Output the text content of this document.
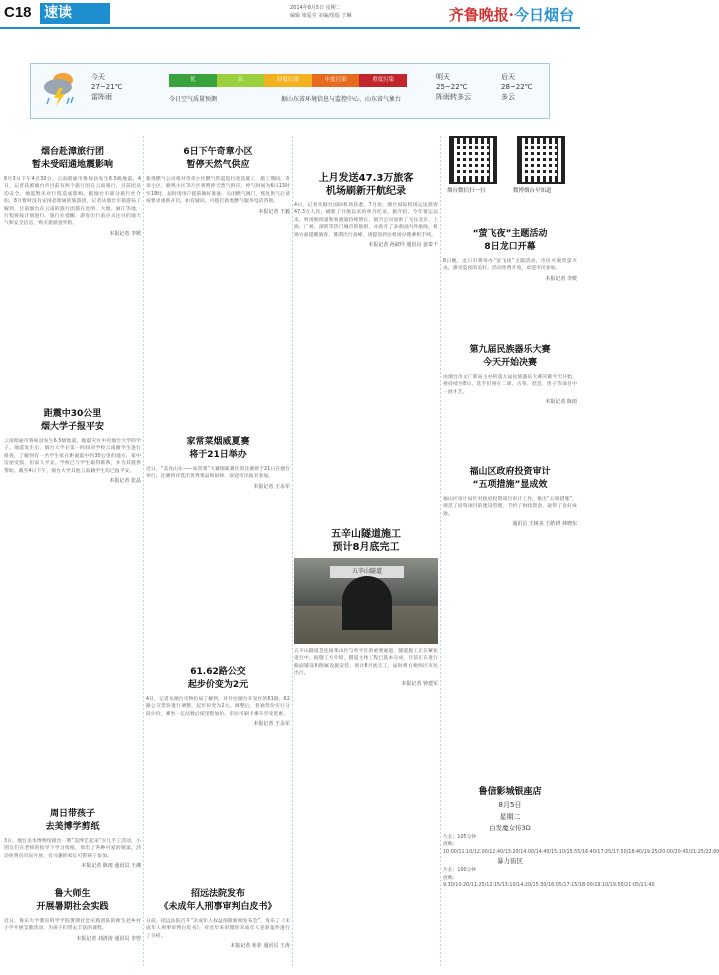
C18 速读	2014年8月5日 星期二
编辑 梁爱莹 美编/组版 于琳	齐鲁晚报·今日烟台
今天
27~21℃
雷阵雨
优	良	轻度污染	中度污染	重度污染
今日空气质量预测	据山东省环境信息与监控中心、山东省气象台
明天
25~22℃
阵雨转多云
后天
28~22℃
多云
烟台赴漳旅行团
暂未受昭通地震影响
8月3日下午4点30分，云南昭通市鲁甸县发生6.5级地震。4日，记者获悉烟台市目前有两个旅行团在云南旅行，目前团员均安全，地震暂未对行程造成影响。据烟台市部分旅行社介绍，8月暂时没有安排赴昭通的旅游团，记者从烟台市旅游局了解到，目前烟台在云南的旅行团都在昆明、大理、丽江等地，行程将按计划进行。旅行社提醒，游客出行前应关注目的地天气和安全信息，购买旅游意外险。
本报记者 李媛
距震中30公里
烟大学子报平安
云南昭通市鲁甸县发生6.5级地震，地震灾区中有烟台大学的学子。地震发生后，烟台大学在第一时间对学校云南籍学生进行排查，了解到有一名学生家在距离震中约30公里的地方，家中房屋受损，但家人平安。学校已与学生取得联系，并为其提供帮助。截至4日下午，烟台大学其他云南籍学生均已报平安。
本报记者 张晶
周日带孩子
去美博学剪纸
3日，烟台美术博物馆推出一期“美博艺起来”少儿手工活动，小朋友们在老师的指导下学习剪纸，剪出了各种可爱的图案。活动免费向市民开放，有兴趣的家长可带孩子参加。
本报记者 陈雨 通讯员 王湘
鲁大师生
开展暑期社会实践
近日，鲁东大学教育科学学院暑期社会实践团队的师生赴乡村小学开展支教活动，为孩子们带去丰富的课程。
本报记者 刘清涛 通讯员 李曾
6日下午奇章小区
暂停天然气供应
新奥燃气公司将对奇章小区燃气管道进行改造施工，施工期间，奇章小区、鹿鸣小区等片区将暂停天然气供应。停气时间为6日13时至18时。届时请用户提前做好准备，关闭燃气阀门，恢复供气后请按要求重新开启。如有疑问，可拨打新奥燃气服务电话咨询。
本报记者 王毅
家常菜烟威夏赛
将于21日举办
近日，“美食山东——家常菜”大赛烟威赛区的比赛将于21日在烟台举行。比赛将评选出优秀菜品和厨师，欢迎市民报名参加。
本报记者 王永军
61.62路公交
起步价变为2元
4日，记者从烟台市物价局了解到，对开往烟台开发区的61路、62路公交票价进行调整，起步价变为2元。调整后，普通票价实行分段计价，乘坐一定站数后按里程加价。市民可刷卡乘车享受优惠。
本报记者 王永军
招远法院发布
《未成年人刑事审判白皮书》
日前，招远法院召开“未成年人权益保障新闻发布会”，发布了《未成年人刑事审判白皮书》，对近年来审理的未成年人犯罪案件进行了分析。
本报记者 苑菲 通讯员 王涛
上月发送47.3万旅客
机场刷新开航纪录
4日，记者从烟台国际机场获悉，7月份，烟台国际机场运送旅客47.3万人次，刷新了开航以来的单月纪录。据介绍，今年暑运以来，机场航班量和客流量持续增长，航空公司加密了飞往北京、上海、广州、深圳等热门城市的航班，并新开了多条国内外航线。机场方面提醒旅客，暑期出行高峰，请提前到达机场办理乘机手续。
本报记者 孙淑玲 通讯员 姜泰千
五辛山隧道施工
预计8月底完工
五辛山隧道
五辛山隧道是连接莱山区与牟平区的重要通道，隧道施工正在紧张进行中。据施工方介绍，隧道主体工程已基本完成，目前正在进行路面铺设和附属设施安装，预计8月底完工，届时将方便两区市民出行。
本报记者 钟建军
烟台微信扫一扫	微博烟台早知道
“萤飞夜”主题活动
8日龙口开幕
8日晚，龙口市将举办“萤飞夜”主题活动，市民可观赏萤火虫，感受夏夜的美好。活动免费开放，欢迎市民参加。
本报记者 李媛
第九届民族器乐大赛
今天开始决赛
由烟台市文广新局主办的第九届民族器乐大赛决赛今天开始，将持续至8日。选手们将在二胡、古筝、琵琶、笛子等项目中一展才艺。
本报记者 陈雨
福山区政府投资审计
“五项措施”显成效
福山区审计局针对政府投资项目审计工作，推出“五项措施”，规范了投资项目的建设管理，节约了财政资金，取得了良好成效。
通讯员 王树美 王皓妍 林晓东
鲁信影城银座店
8月5日
星期二
白发魔女传3D
片长：105分钟
放映：10:00/11:10/12:00/12:40/13:20/14:00/14:40/15:10/15:55/16:40/17:25/17:50/18:40/19:25/20:00/20:45/21:25/22:00
暴力街区
片长：100分钟
放映：9:30/10:20/11:25/12:15/13:10/14:20/15:30/16:05/17:15/18:00/19:10/19:50/21:05/21:40
